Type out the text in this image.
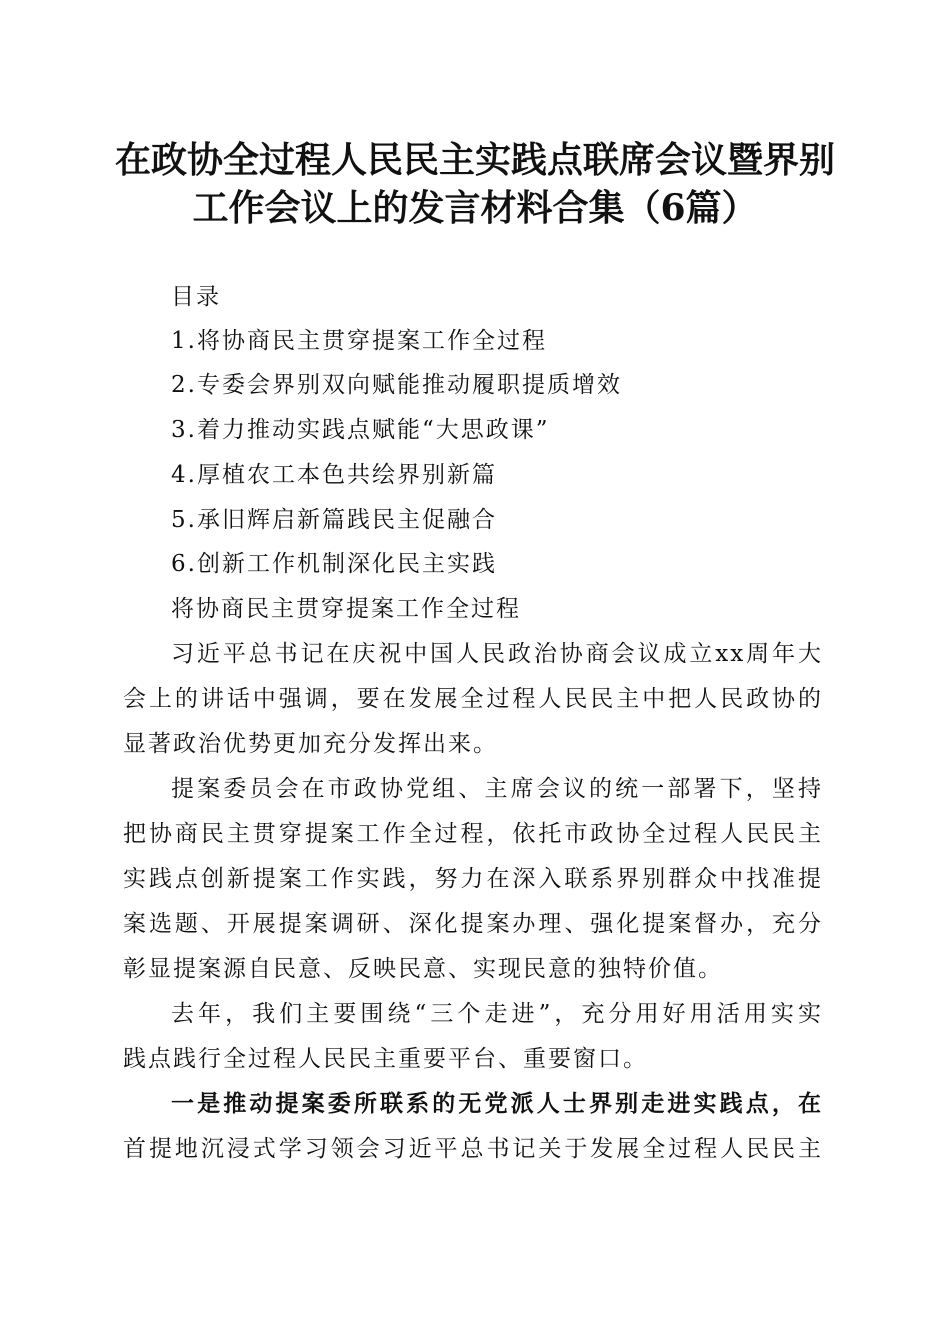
在政协全过程人民民主实践点联席会议暨界别
工作会议上的发言材料合集（6篇）
目录
1.将协商民主贯穿提案工作全过程
2.专委会界别双向赋能推动履职提质增效
3.着力推动实践点赋能“大思政课”
4.厚植农工本色共绘界别新篇
5.承旧辉启新篇践民主促融合
6.创新工作机制深化民主实践
将协商民主贯穿提案工作全过程
习近平总书记在庆祝中国人民政治协商会议成立xx周年大
会上的讲话中强调，要在发展全过程人民民主中把人民政协的
显著政治优势更加充分发挥出来。
提案委员会在市政协党组、主席会议的统一部署下，坚持
把协商民主贯穿提案工作全过程，依托市政协全过程人民民主
实践点创新提案工作实践，努力在深入联系界别群众中找准提
案选题、开展提案调研、深化提案办理、强化提案督办，充分
彰显提案源自民意、反映民意、实现民意的独特价值。
去年，我们主要围绕“三个走进”，充分用好用活用实实
践点践行全过程人民民主重要平台、重要窗口。
一是推动提案委所联系的无党派人士界别走进实践点，在
首提地沉浸式学习领会习近平总书记关于发展全过程人民民主
